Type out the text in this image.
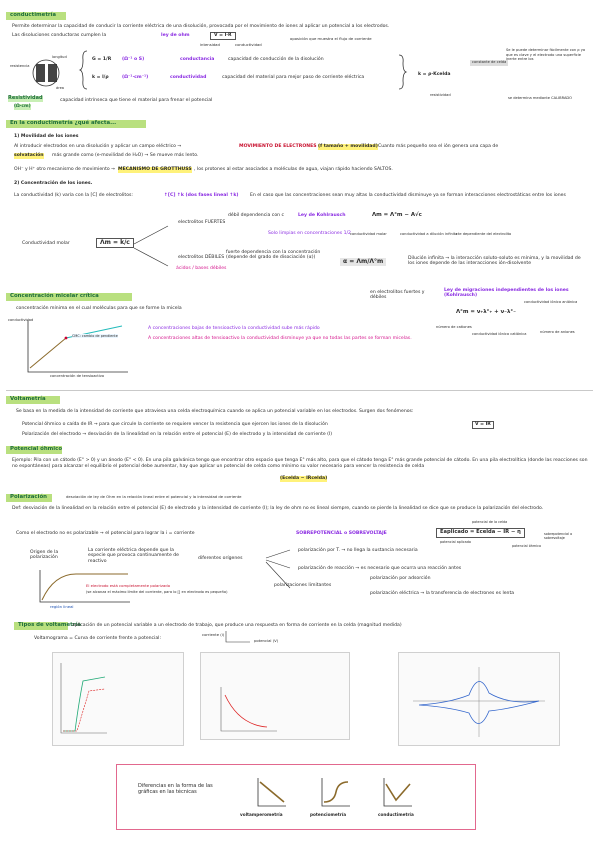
conductimetría
Permite determinar la capacidad de conducir la corriente eléctrica de una disolución, provocada por el movimiento de iones al aplicar un potencial a los electrodos.
Las disoluciones conductoras cumplen la	ley de ohm	V = I·R
intensidad	conductividad
oposición que muestra el flujo de corriente
longitud
resistencia
área
G = 1/R (Ω⁻¹ o S)	conductancia	capacidad de conducción de la disolución
k = l/ρ	(Ω⁻¹·cm⁻¹)	conductividad	capacidad del material para mejor paso de corriente eléctrica
k = ρ·Kcelda
constante de celda
resistividad
Se le puede determinar fácilmente con ρ ya que es clave y el electrodo una superficie inerte entre los
se determina mediante CALIBRADO
Resistividad
(Ω·cm)
capacidad intrínseca que tiene el material para frenar el potencial
En la conductimetría ¿qué afecta...
1) Movilidad de los iones
Al introducir electrodos en una disolución y aplicar un campo eléctrico →	MOVIMIENTO DE ELECTRONES (f tamaño + movilidad) Cuanto más pequeño sea el ión genera una capa de
solvatación más grande como (e-movilidad de H₂O) → Se mueve más lento.
OH⁻ y H⁺ otro mecanismo de movimiento → MECANISMO DE GROTTHUSS , los protones al estar asociados a moléculas de agua, viajan rápido haciendo SALTOS.
2) Concentración de los iones.
La conductividad (k) varía con la [C] de electrolitos:	↑[C] ↑k (dos fases lineal ↑k)	En el caso que las concentraciones sean muy altas la conductividad disminuye ya se forman interacciones electrostáticas entre los iones
Conductividad molar	Λm = k/c
electrolitos FUERTES
débil dependencia con c	Ley de Kohlrausch	Λm = Λ°m − A√c
Solo limpias en concentraciones 1/2 conductividad molar	conductividad a dilución infinita
cte dependiente del electrolito
electrolitos DÉBILES
ácidos / bases débiles
fuerte dependencia con la concentración (depende del grado de disociación (α))
α = Λm/Λ°m	Dilución infinita → la interacción soluto-soluto es mínima, y la movilidad de los iones depende de las interacciones ión-disolvente
en electrolitos fuertes y débiles
Ley de migraciones independientes de los iones (Kohlrausch)
Λ°m = ν₊λ°₊ + ν₋λ°₋
número de cationes
conductividad iónica catiónica
conductividad iónica aniónica
número de aniones
Concentración micelar crítica
concentración mínima en el cual moléculas para que se forme la micela
conductividad
concentración de tensioactivo
CMC: cambio de pendiente
A concentraciones bajas de tensioactivo la conductividad sube más rápido
A concentraciones altas de tensioactivo la conductividad disminuye ya que no todas las partes se forman micelas.
Voltametría
Se basa en la medida de la intensidad de corriente que atraviesa una celda electroquímica cuando se aplica un potencial variable en los electrodos. Surgen dos fenómenos:
Potencial óhmico o caída de IR → para que circule la corriente se requiere vencer la resistencia que ejercen los iones de la disolución	V = IR
Polarización del electrodo → desviación de la linealidad en la relación entre el potencial (E) de electrodo y la intensidad de corriente (I)
Potencial óhmico
Ejemplo: Pila con un cátodo (E° > 0) y un ánodo (E° < 0). En una pila galvánica tengo que encontrar otro espacio que tenga E° más alto, para que el cátodo tenga E° más grande potencial de cátodo. En una pila electrolítica (donde las reacciones son no espontáneas) para alcanzar el equilibrio el potencial debe aumentar, hay que aplicar un potencial de celda como mínimo su valor necesario para vencer la resistencia de celda
(Ecelda − IRcelda)
Polarización	desviación de ley de Ohm en la relación lineal entre el potencial y la intensidad de corriente
Def: desviación de la linealidad en la relación entre el potencial (E) de electrodo y la intensidad de corriente (I); la ley de ohm no es lineal siempre, cuando se pierde la linealidad se dice que se produce la polarización del electrodo.
Como el electrodo no es polarizable → el potencial para lograr la i = corriente	SOBREPOTENCIAL o SOBREVOLTAJE	Eaplicado = Ecelda − IR − η
potencial de la celda
potencial aplicado
potencial óhmico
sobrepotencial o sobrevoltaje
Origen de la polarización
La corriente eléctrica depende que la especie que provoca continuamente de reactivo
diferentes orígenes
polarización por T. → no llega la sustancia necesaria
polarización de reacción → es necesario que ocurra una reacción antes
polarizaciones limitantes
polarización por adsorción
polarización eléctrica → la transferencia de electrones es lenta
El electrodo está completamente polarizado
(se alcanza el máximo límite del corriente, para lo [] en electrodo es pequeño)
región lineal
Tipos de voltametría
aplicación de un potencial variable a un electrodo de trabajo, que produce una respuesta en forma de corriente en la celda (magnitud medida)
Voltamograma = Curva de corriente frente a potencial:
corriente (i)
potencial (V)
Diferencias en la forma de las gráficas en las técnicas
voltamperometría	potenciometría	conductimetría
